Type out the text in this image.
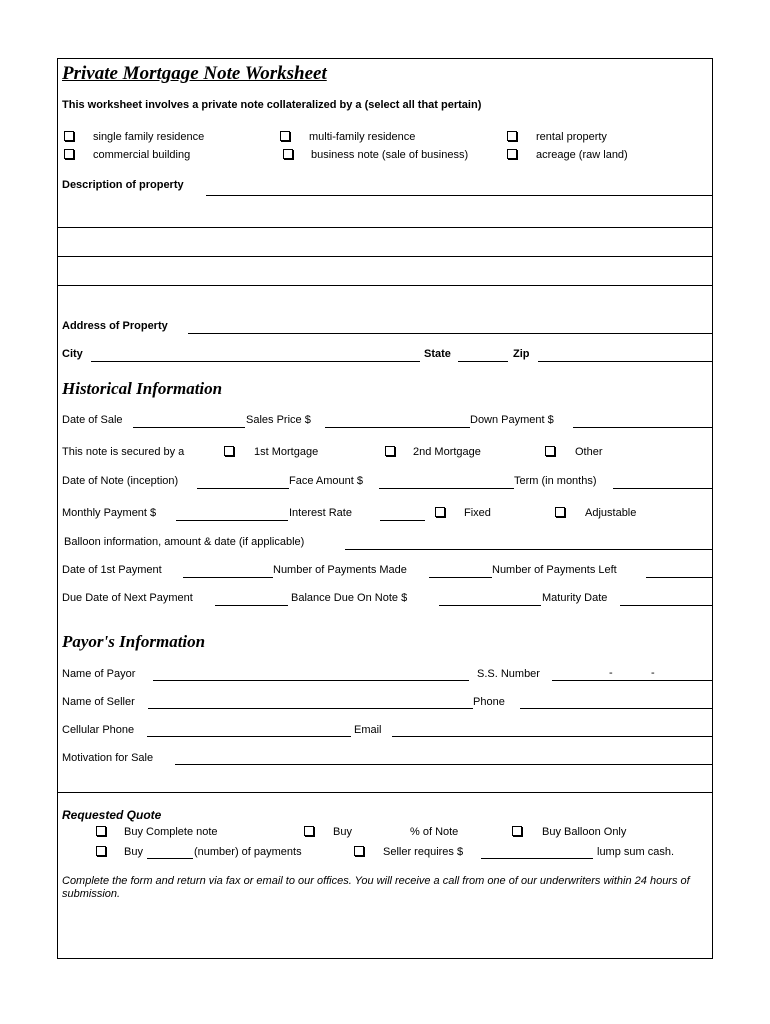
Private Mortgage Note Worksheet
This worksheet involves a private note collateralized by a (select all that pertain)
single family residence	multi-family residence	rental property
commercial building	business note (sale of business)	acreage (raw land)
Description of property
Address of Property
City	State	Zip
Historical Information
Date of Sale	Sales Price $	Down Payment $
This note is secured by a	1st Mortgage	2nd Mortgage	Other
Date of Note (inception)	Face Amount $	Term (in months)
Monthly Payment $	Interest Rate	Fixed	Adjustable
Balloon information, amount & date (if applicable)
Date of 1st Payment	Number of Payments Made	Number of Payments Left
Due Date of Next Payment	Balance Due On Note $	Maturity Date
Payor's Information
Name of Payor	S.S. Number	-	-
Name of Seller	Phone
Cellular Phone	Email
Motivation for Sale
Requested Quote
Buy Complete note	Buy	% of Note	Buy Balloon Only
Buy	(number) of payments	Seller requires $	lump sum cash.
Complete the form and return via fax or email to our offices. You will receive a call from one of our underwriters within 24 hours of submission.
